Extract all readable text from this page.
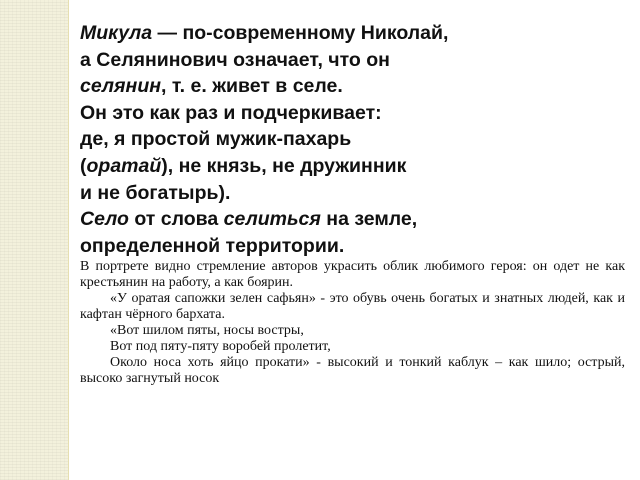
Микула — по-современному Николай,

а Селянинович означает, что он

селянин, т. е. живет в селе.

Он это как раз и подчеркивает:

де, я простой мужик-пахарь

(оратай), не князь, не дружинник

и не богатырь).

Село от слова селиться на земле,

определенной территории.

В портрете видно стремление авторов украсить облик любимого героя: он одет не как крестьянин на работу, а как боярин.

«У оратая сапожки зелен сафьян» - это обувь очень богатых и знатных людей, как и кафтан чёрного бархата.

«Вот шилом пяты, носы востры,

Вот под пяту-пяту воробей пролетит,

Около носа хоть яйцо прокати» - высокий и тонкий каблук – как шило; острый, высоко загнутый носок
